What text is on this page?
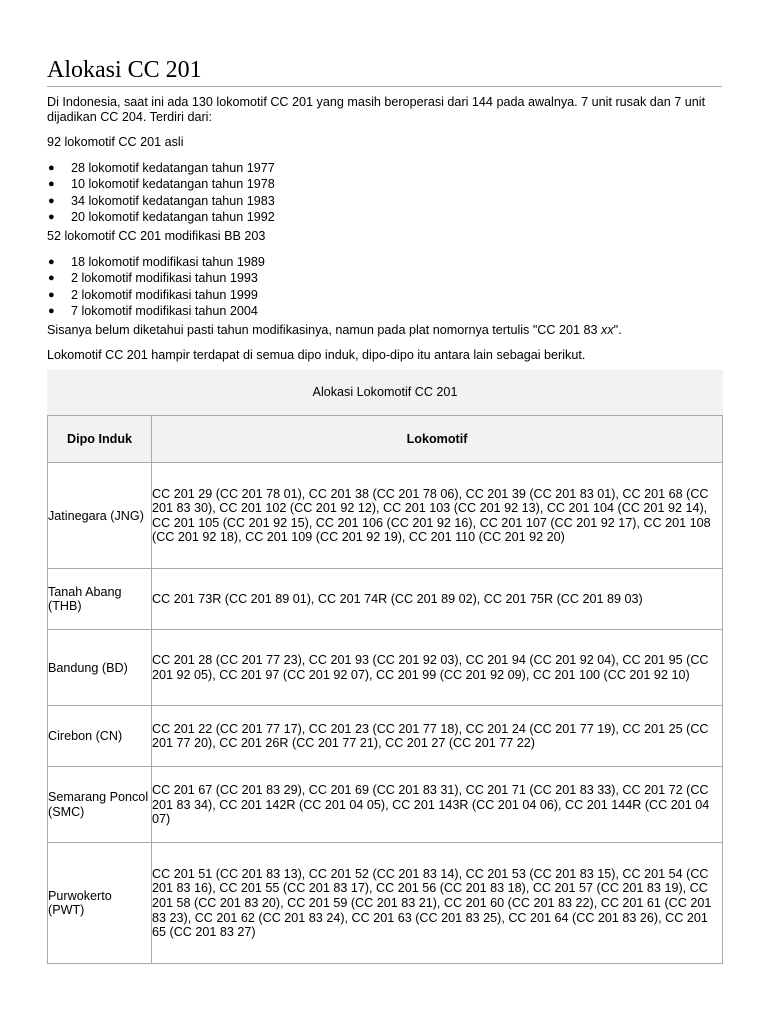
Alokasi CC 201

Di Indonesia, saat ini ada 130 lokomotif CC 201 yang masih beroperasi dari 144 pada awalnya. 7 unit rusak dan 7 unit dijadikan CC 204. Terdiri dari:

92 lokomotif CC 201 asli

● 28 lokomotif kedatangan tahun 1977
● 10 lokomotif kedatangan tahun 1978
● 34 lokomotif kedatangan tahun 1983
● 20 lokomotif kedatangan tahun 1992

52 lokomotif CC 201 modifikasi BB 203

● 18 lokomotif modifikasi tahun 1989
● 2 lokomotif modifikasi tahun 1993
● 2 lokomotif modifikasi tahun 1999
● 7 lokomotif modifikasi tahun 2004

Sisanya belum diketahui pasti tahun modifikasinya, namun pada plat nomornya tertulis "CC 201 83 xx".

Lokomotif CC 201 hampir terdapat di semua dipo induk, dipo-dipo itu antara lain sebagai berikut.

Alokasi Lokomotif CC 201
Dipo Induk	Lokomotif
Jatinegara (JNG)	CC 201 29 (CC 201 78 01), CC 201 38 (CC 201 78 06), CC 201 39 (CC 201 83 01), CC 201 68 (CC 201 83 30), CC 201 102 (CC 201 92 12), CC 201 103 (CC 201 92 13), CC 201 104 (CC 201 92 14), CC 201 105 (CC 201 92 15), CC 201 106 (CC 201 92 16), CC 201 107 (CC 201 92 17), CC 201 108 (CC 201 92 18), CC 201 109 (CC 201 92 19), CC 201 110 (CC 201 92 20)
Tanah Abang (THB)	CC 201 73R (CC 201 89 01), CC 201 74R (CC 201 89 02), CC 201 75R (CC 201 89 03)
Bandung (BD)	CC 201 28 (CC 201 77 23), CC 201 93 (CC 201 92 03), CC 201 94 (CC 201 92 04), CC 201 95 (CC 201 92 05), CC 201 97 (CC 201 92 07), CC 201 99 (CC 201 92 09), CC 201 100 (CC 201 92 10)
Cirebon (CN)	CC 201 22 (CC 201 77 17), CC 201 23 (CC 201 77 18), CC 201 24 (CC 201 77 19), CC 201 25 (CC 201 77 20), CC 201 26R (CC 201 77 21), CC 201 27 (CC 201 77 22)
Semarang Poncol (SMC)	CC 201 67 (CC 201 83 29), CC 201 69 (CC 201 83 31), CC 201 71 (CC 201 83 33), CC 201 72 (CC 201 83 34), CC 201 142R (CC 201 04 05), CC 201 143R (CC 201 04 06), CC 201 144R (CC 201 04 07)
Purwokerto (PWT)	CC 201 51 (CC 201 83 13), CC 201 52 (CC 201 83 14), CC 201 53 (CC 201 83 15), CC 201 54 (CC 201 83 16), CC 201 55 (CC 201 83 17), CC 201 56 (CC 201 83 18), CC 201 57 (CC 201 83 19), CC 201 58 (CC 201 83 20), CC 201 59 (CC 201 83 21), CC 201 60 (CC 201 83 22), CC 201 61 (CC 201 83 23), CC 201 62 (CC 201 83 24), CC 201 63 (CC 201 83 25), CC 201 64 (CC 201 83 26), CC 201 65 (CC 201 83 27)
